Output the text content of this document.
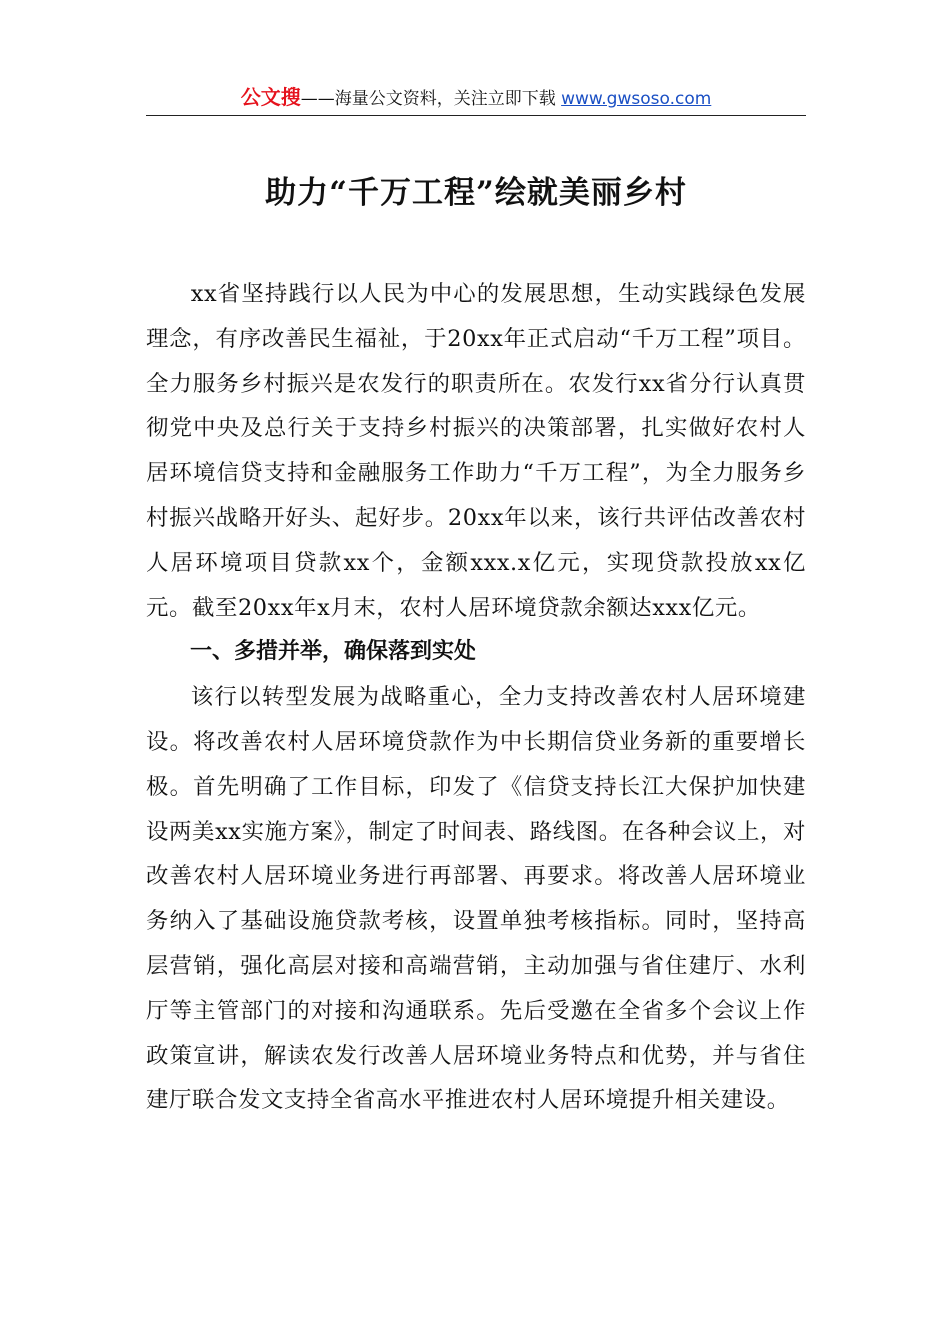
公文搜——海量公文资料，关注立即下载 www.gwsoso.com
助力“千万工程”绘就美丽乡村

xx省坚持践行以人民为中心的发展思想，生动实践绿色发展理念，有序改善民生福祉，于20xx年正式启动“千万工程”项目。全力服务乡村振兴是农发行的职责所在。农发行xx省分行认真贯彻党中央及总行关于支持乡村振兴的决策部署，扎实做好农村人居环境信贷支持和金融服务工作助力“千万工程”，为全力服务乡村振兴战略开好头、起好步。20xx年以来，该行共评估改善农村人居环境项目贷款xx个，金额xxx.x亿元，实现贷款投放xx亿元。截至20xx年x月末，农村人居环境贷款余额达xxx亿元。

一、多措并举，确保落到实处

该行以转型发展为战略重心，全力支持改善农村人居环境建设。将改善农村人居环境贷款作为中长期信贷业务新的重要增长极。首先明确了工作目标，印发了《信贷支持长江大保护加快建设两美xx实施方案》，制定了时间表、路线图。在各种会议上，对改善农村人居环境业务进行再部署、再要求。将改善人居环境业务纳入了基础设施贷款考核，设置单独考核指标。同时，坚持高层营销，强化高层对接和高端营销，主动加强与省住建厅、水利厅等主管部门的对接和沟通联系。先后受邀在全省多个会议上作政策宣讲，解读农发行改善人居环境业务特点和优势，并与省住建厅联合发文支持全省高水平推进农村人居环境提升相关建设。
